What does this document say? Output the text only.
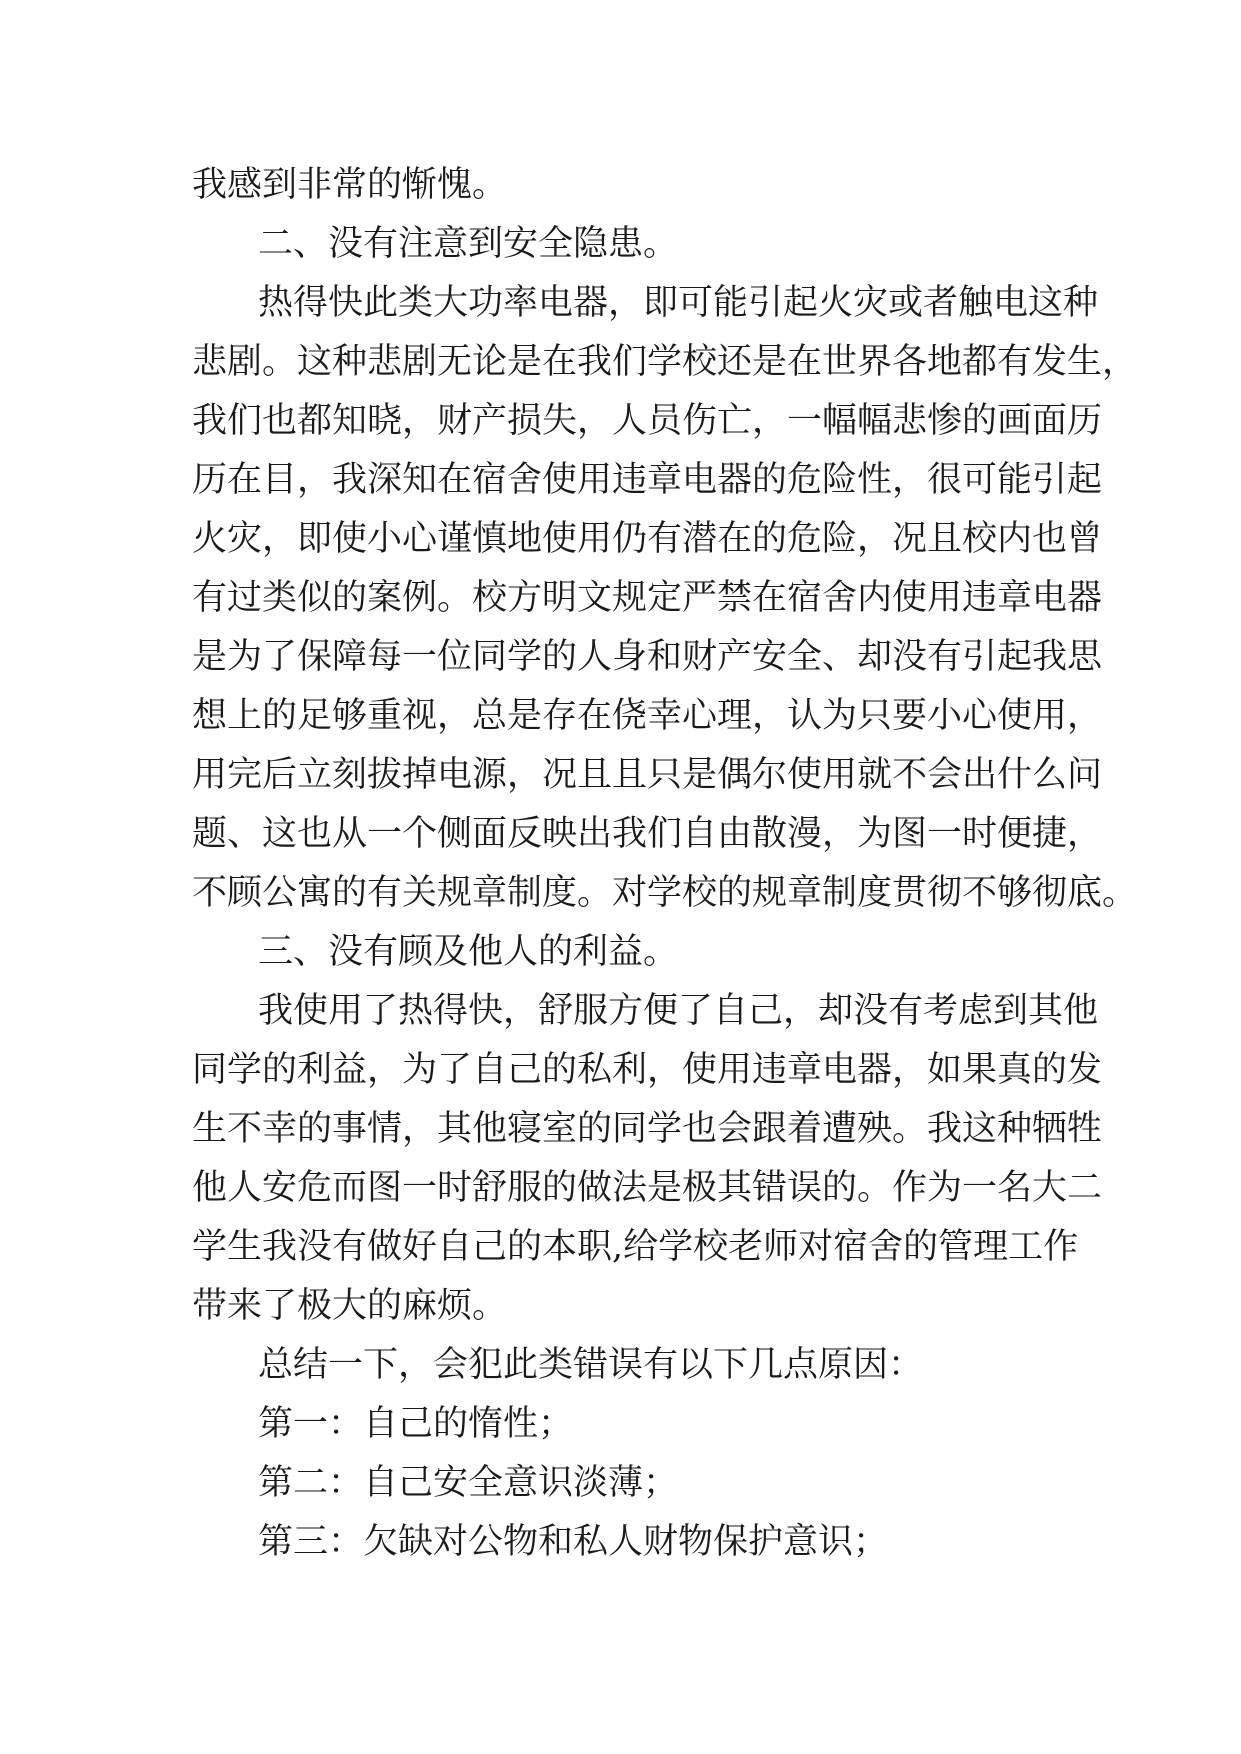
我感到非常的惭愧。
二、没有注意到安全隐患。
热得快此类大功率电器，即可能引起火灾或者触电这种
悲剧。这种悲剧无论是在我们学校还是在世界各地都有发生，
我们也都知晓，财产损失，人员伤亡，一幅幅悲惨的画面历
历在目，我深知在宿舍使用违章电器的危险性，很可能引起
火灾，即使小心谨慎地使用仍有潜在的危险，况且校内也曾
有过类似的案例。校方明文规定严禁在宿舍内使用违章电器
是为了保障每一位同学的人身和财产安全、却没有引起我思
想上的足够重视，总是存在侥幸心理，认为只要小心使用，
用完后立刻拔掉电源，况且且只是偶尔使用就不会出什么问
题、这也从一个侧面反映出我们自由散漫，为图一时便捷，
不顾公寓的有关规章制度。对学校的规章制度贯彻不够彻底。
三、没有顾及他人的利益。
我使用了热得快，舒服方便了自己，却没有考虑到其他
同学的利益，为了自己的私利，使用违章电器，如果真的发
生不幸的事情，其他寝室的同学也会跟着遭殃。我这种牺牲
他人安危而图一时舒服的做法是极其错误的。作为一名大二
学生我没有做好自己的本职,给学校老师对宿舍的管理工作
带来了极大的麻烦。
总结一下，会犯此类错误有以下几点原因：
第一：自己的惰性；
第二：自己安全意识淡薄；
第三：欠缺对公物和私人财物保护意识；
